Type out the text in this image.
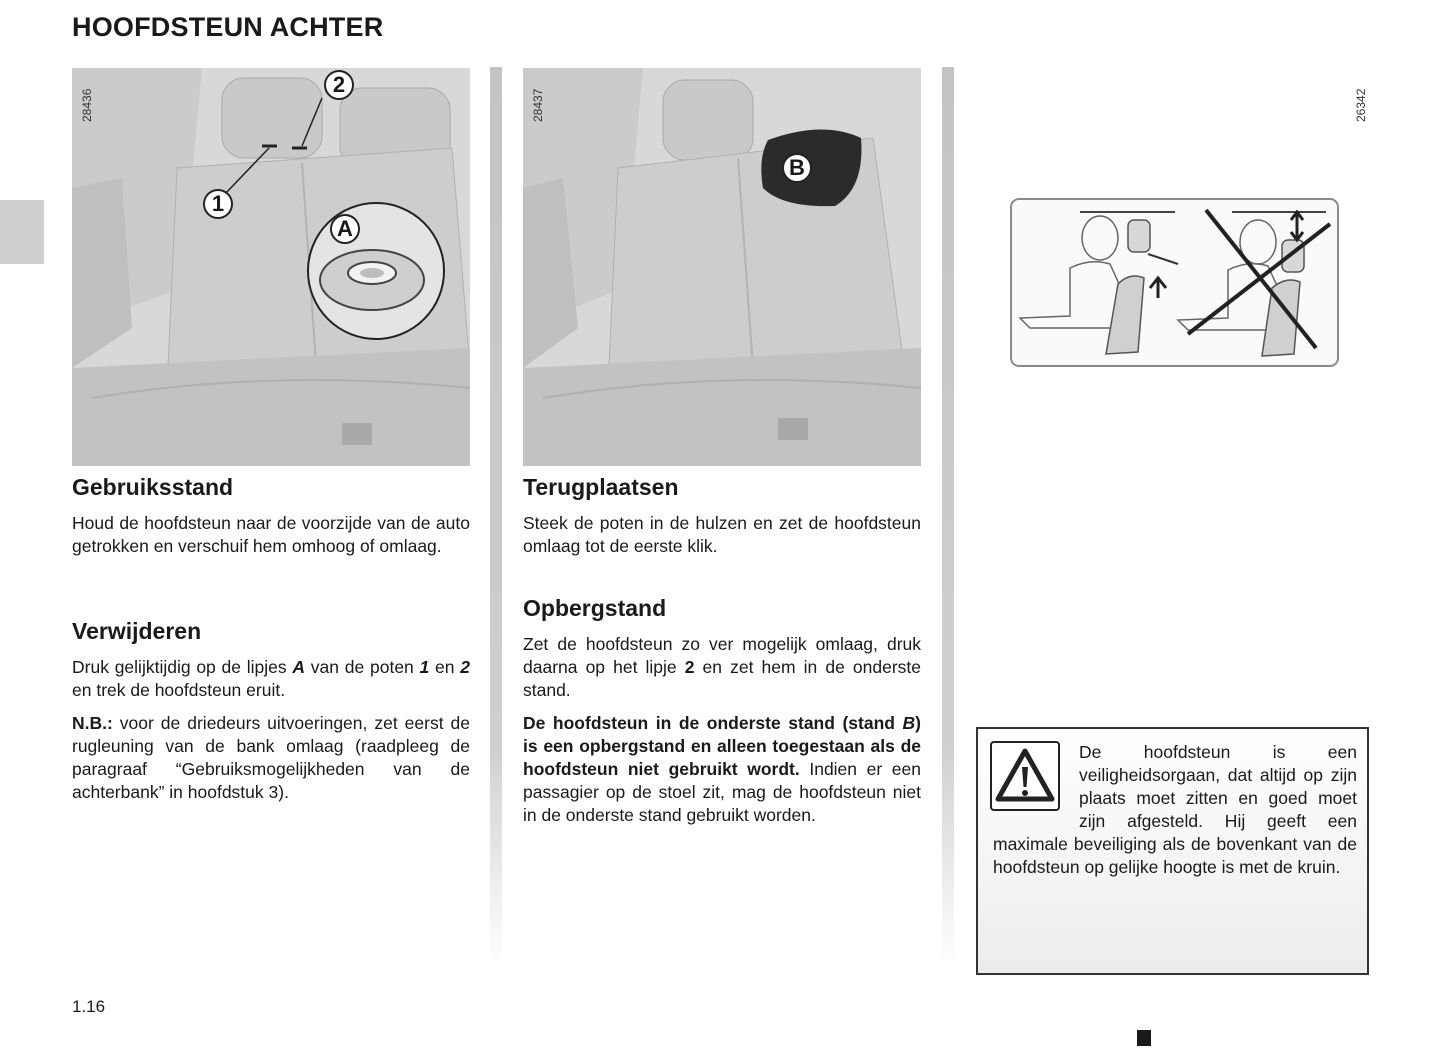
HOOFDSTEUN ACHTER
1
2
A
28436
B
28437	26342
Gebruiksstand

Houd de hoofdsteun naar de voorzijde van de auto getrokken en verschuif hem omhoog of omlaag.

Verwijderen

Druk gelijktijdig op de lipjes A van de poten 1 en 2 en trek de hoofdsteun eruit.

N.B.: voor de driedeurs uitvoeringen, zet eerst de rugleuning van de bank omlaag (raadpleeg de paragraaf “Gebruiksmogelijkheden van de achterbank” in hoofdstuk 3).

Terugplaatsen

Steek de poten in de hulzen en zet de hoofdsteun omlaag tot de eerste klik.

Opbergstand

Zet de hoofdsteun zo ver mogelijk omlaag, druk daarna op het lipje 2 en zet hem in de onderste stand.

De hoofdsteun in de onderste stand (stand B) is een opbergstand en alleen toegestaan als de hoofdsteun niet gebruikt wordt. Indien er een passagier op de stoel zit, mag de hoofdsteun niet in de onderste stand gebruikt worden.

De hoofdsteun is een veiligheidsorgaan, dat altijd op zijn plaats moet zitten en goed moet zijn afgesteld. Hij geeft een maximale beveiliging als de bovenkant van de hoofdsteun op gelijke hoogte is met de kruin.

1.16
